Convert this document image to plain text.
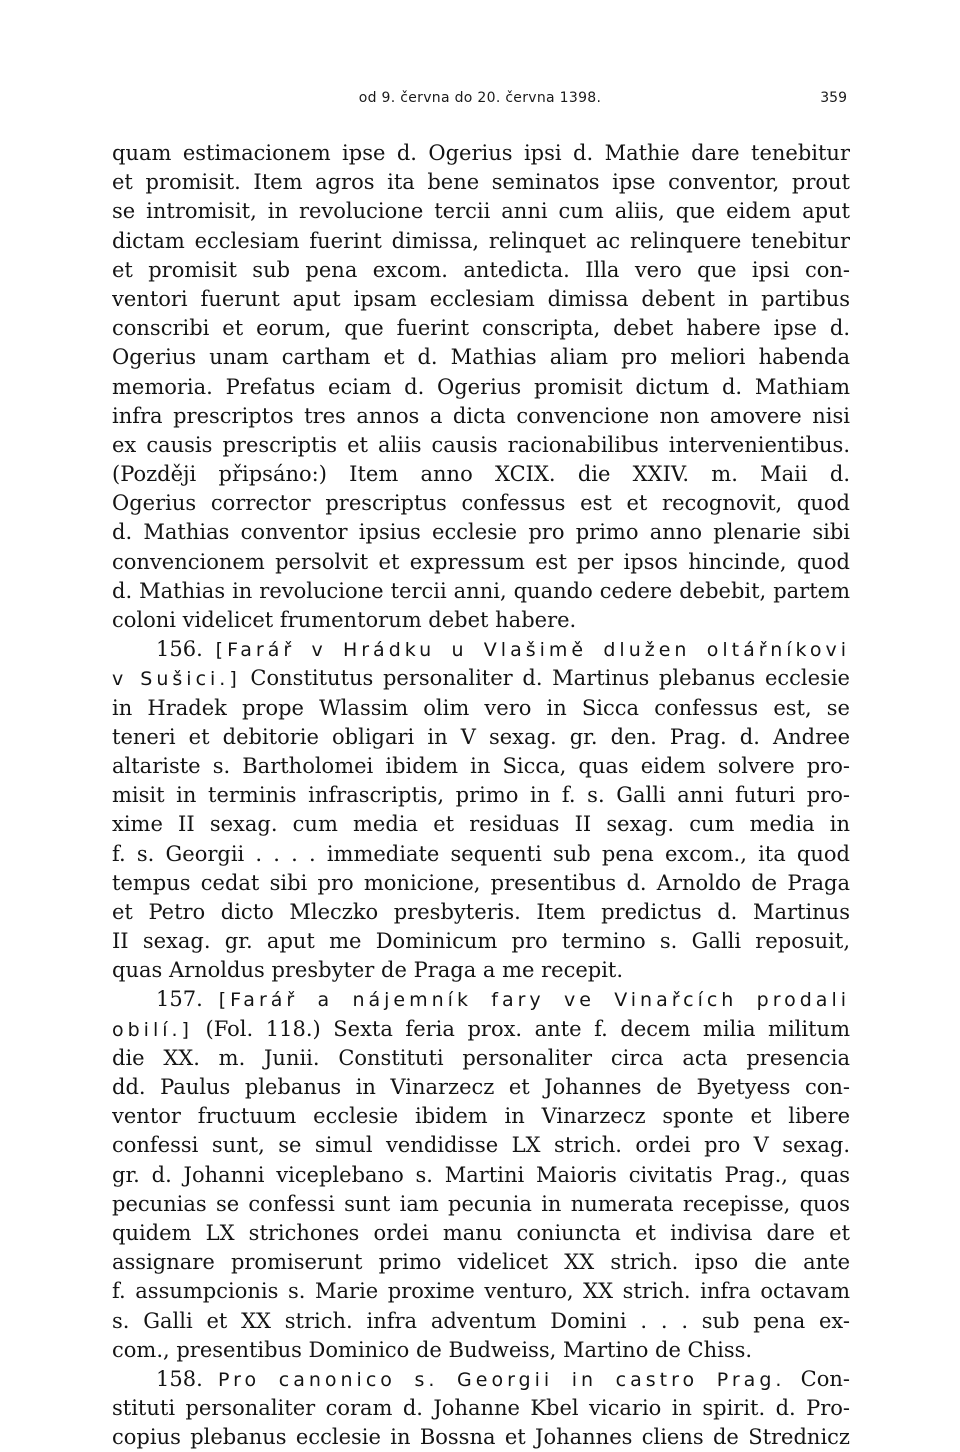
od 9. června do 20. června 1398.	359
quam estimacionem ipse d. Ogerius ipsi d. Mathie dare tenebitur
et promisit. Item agros ita bene seminatos ipse conventor, prout
se intromisit, in revolucione tercii anni cum aliis, que eidem aput
dictam ecclesiam fuerint dimissa, relinquet ac relinquere tenebitur
et promisit sub pena excom. antedicta. Illa vero que ipsi con-
ventori fuerunt aput ipsam ecclesiam dimissa debent in partibus
conscribi et eorum, que fuerint conscripta, debet habere ipse d.
Ogerius unam cartham et d. Mathias aliam pro meliori habenda
memoria. Prefatus eciam d. Ogerius promisit dictum d. Mathiam
infra prescriptos tres annos a dicta convencione non amovere nisi
ex causis prescriptis et aliis causis racionabilibus intervenientibus.
(Později připsáno:) Item anno XCIX. die XXIV. m. Maii d.
Ogerius corrector prescriptus confessus est et recognovit, quod
d. Mathias conventor ipsius ecclesie pro primo anno plenarie sibi
convencionem persolvit et expressum est per ipsos hincinde, quod
d. Mathias in revolucione tercii anni, quando cedere debebit, partem
coloni videlicet frumentorum debet habere.
156. [Farář v Hrádku u Vlašimě dlužen oltářníkovi
v Sušici.] Constitutus personaliter d. Martinus plebanus ecclesie
in Hradek prope Wlassim olim vero in Sicca confessus est, se
teneri et debitorie obligari in V sexag. gr. den. Prag. d. Andree
altariste s. Bartholomei ibidem in Sicca, quas eidem solvere pro-
misit in terminis infrascriptis, primo in f. s. Galli anni futuri pro-
xime II sexag. cum media et residuas II sexag. cum media in
f. s. Georgii . . . . immediate sequenti sub pena excom., ita quod
tempus cedat sibi pro monicione, presentibus d. Arnoldo de Praga
et Petro dicto Mleczko presbyteris. Item predictus d. Martinus
II sexag. gr. aput me Dominicum pro termino s. Galli reposuit,
quas Arnoldus presbyter de Praga a me recepit.
157. [Farář a nájemník fary ve Vinařcích prodali
obilí.] (Fol. 118.) Sexta feria prox. ante f. decem milia militum
die XX. m. Junii. Constituti personaliter circa acta presencia
dd. Paulus plebanus in Vinarzecz et Johannes de Byetyess con-
ventor fructuum ecclesie ibidem in Vinarzecz sponte et libere
confessi sunt, se simul vendidisse LX strich. ordei pro V sexag.
gr. d. Johanni viceplebano s. Martini Maioris civitatis Prag., quas
pecunias se confessi sunt iam pecunia in numerata recepisse, quos
quidem LX strichones ordei manu coniuncta et indivisa dare et
assignare promiserunt primo videlicet XX strich. ipso die ante
f. assumpcionis s. Marie proxime venturo, XX strich. infra octavam
s. Galli et XX strich. infra adventum Domini . . . sub pena ex-
com., presentibus Dominico de Budweiss, Martino de Chiss.
158. Pro canonico s. Georgii in castro Prag. Con-
stituti personaliter coram d. Johanne Kbel vicario in spirit. d. Pro-
copius plebanus ecclesie in Bossna et Johannes cliens de Strednicz
